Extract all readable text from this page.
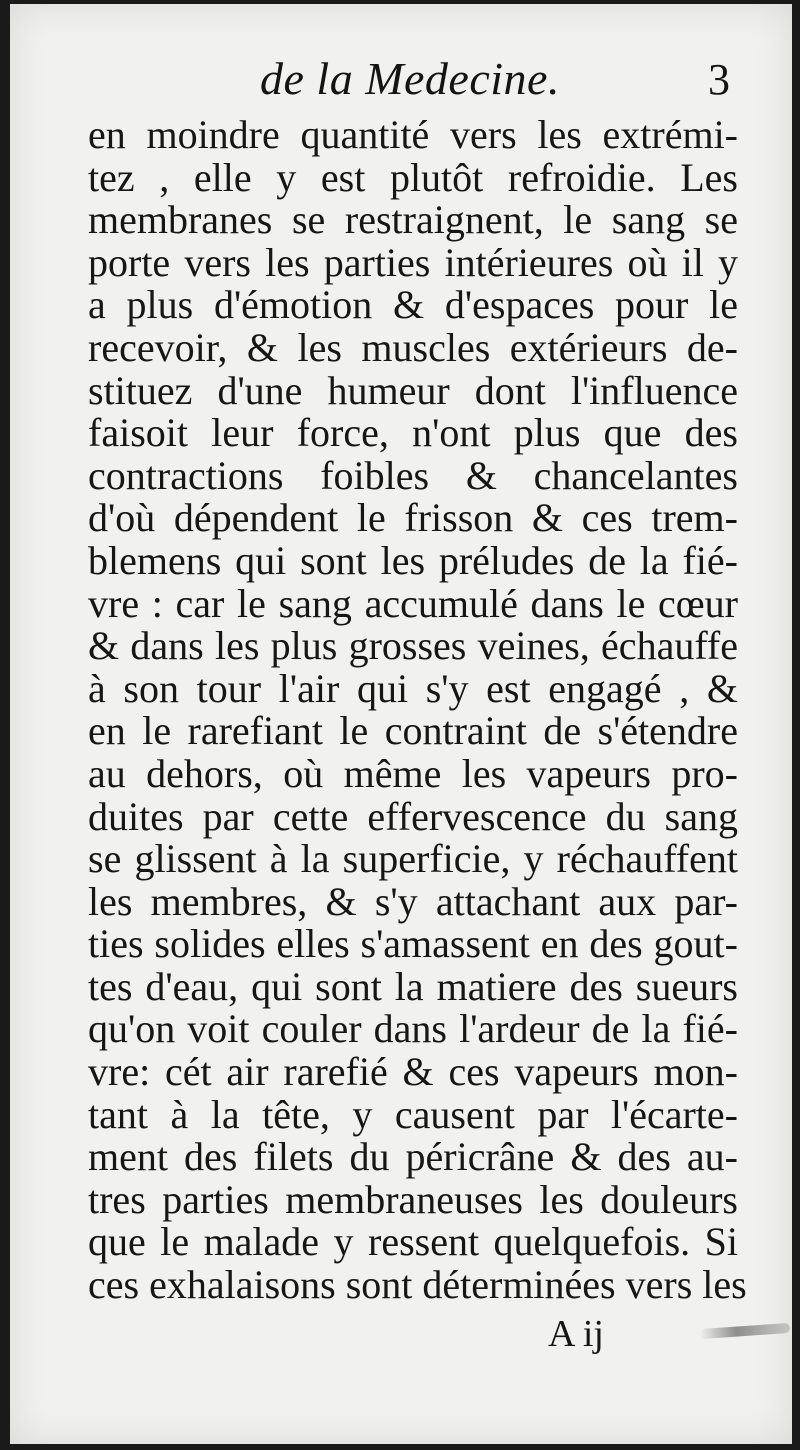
de la Medecine.	3
en moindre quantité vers les extrémi-
tez , elle y est plutôt refroidie. Les
membranes se restraignent, le sang se
porte vers les parties intérieures où il y
a plus d'émotion & d'espaces pour le
recevoir, & les muscles extérieurs de-
stituez d'une humeur dont l'influence
faisoit leur force, n'ont plus que des
contractions foibles & chancelantes
d'où dépendent le frisson & ces trem-
blemens qui sont les préludes de la fié-
vre : car le sang accumulé dans le cœur
& dans les plus grosses veines, échauffe
à son tour l'air qui s'y est engagé , &
en le rarefiant le contraint de s'étendre
au dehors, où même les vapeurs pro-
duites par cette effervescence du sang
se glissent à la superficie, y réchauffent
les membres, & s'y attachant aux par-
ties solides elles s'amassent en des gout-
tes d'eau, qui sont la matiere des sueurs
qu'on voit couler dans l'ardeur de la fié-
vre: cét air rarefié & ces vapeurs mon-
tant à la tête, y causent par l'écarte-
ment des filets du péricrâne & des au-
tres parties membraneuses les douleurs
que le malade y ressent quelquefois. Si
ces exhalaisons sont déterminées vers les
A ij
